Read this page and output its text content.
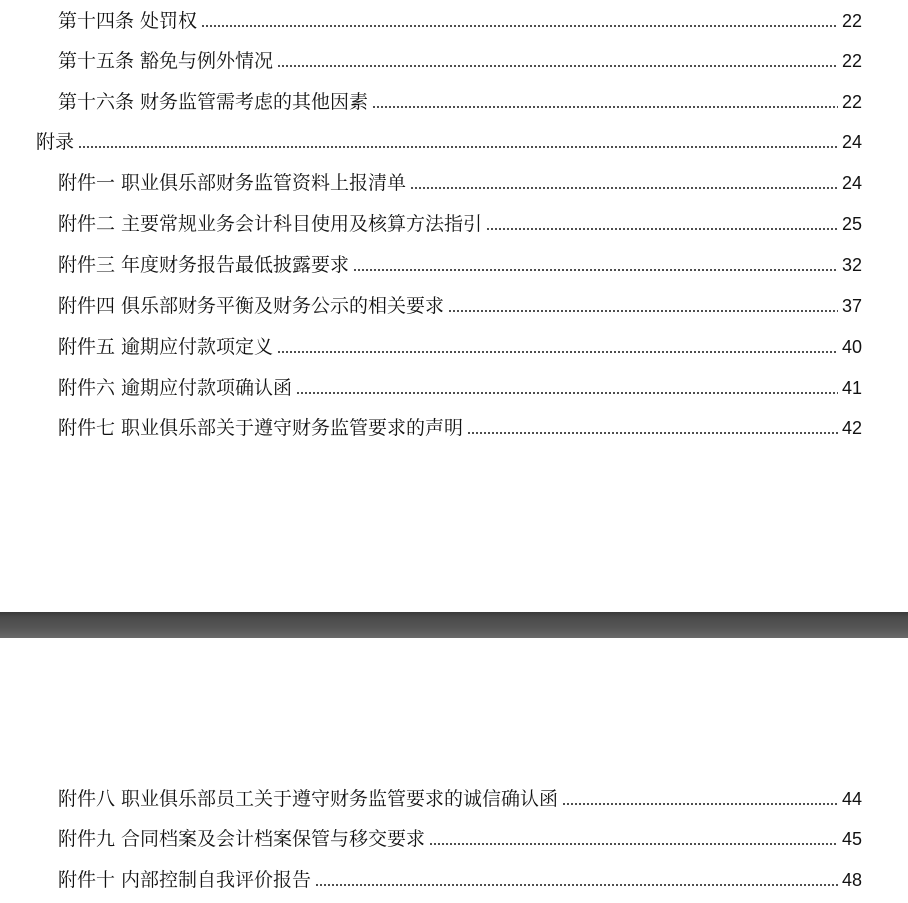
第十四条 处罚权	22
第十五条 豁免与例外情况	22
第十六条 财务监管需考虑的其他因素	22
附录	24
附件一 职业俱乐部财务监管资料上报清单	24
附件二 主要常规业务会计科目使用及核算方法指引	25
附件三 年度财务报告最低披露要求	32
附件四 俱乐部财务平衡及财务公示的相关要求	37
附件五 逾期应付款项定义	40
附件六 逾期应付款项确认函	41
附件七 职业俱乐部关于遵守财务监管要求的声明	42
附件八 职业俱乐部员工关于遵守财务监管要求的诚信确认函	44
附件九 合同档案及会计档案保管与移交要求	45
附件十 内部控制自我评价报告	48
